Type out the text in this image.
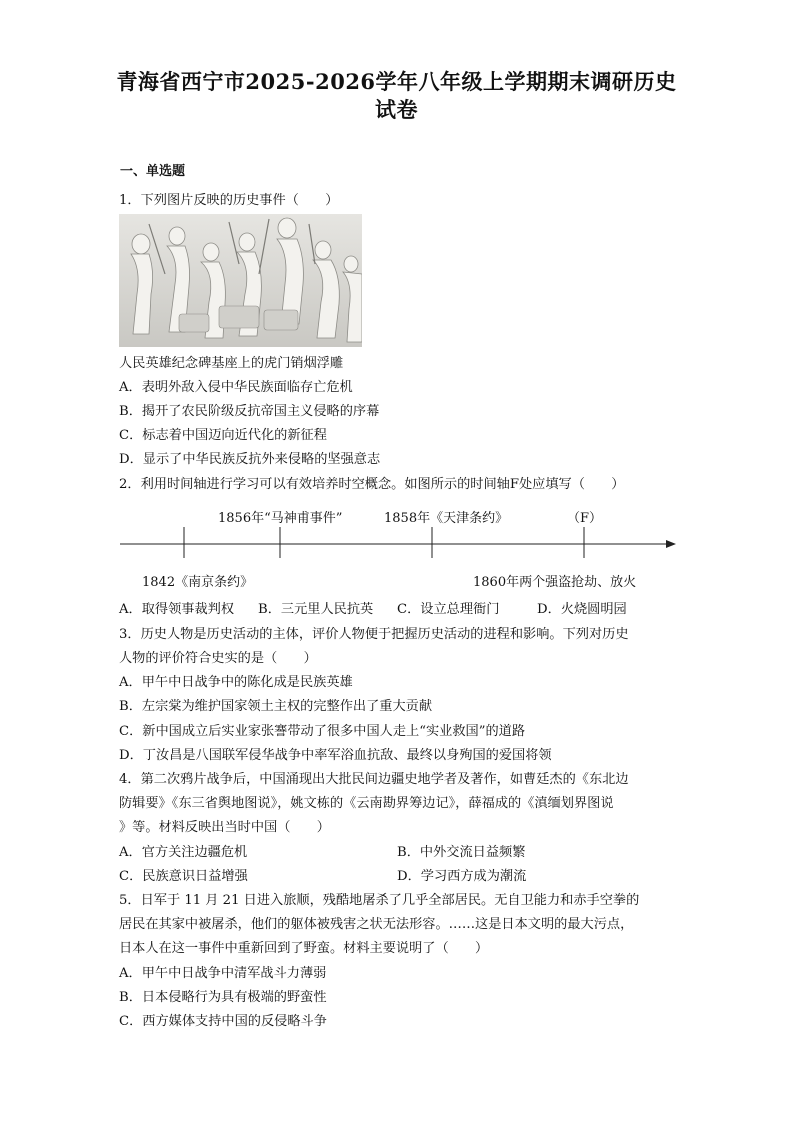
青海省西宁市2025-2026学年八年级上学期期末调研历史
试卷
一、单选题
1．下列图片反映的历史事件（　　）
人民英雄纪念碑基座上的虎门销烟浮雕
A．表明外敌入侵中华民族面临存亡危机
B．揭开了农民阶级反抗帝国主义侵略的序幕
C．标志着中国迈向近代化的新征程
D．显示了中华民族反抗外来侵略的坚强意志
2．利用时间轴进行学习可以有效培养时空概念。如图所示的时间轴F处应填写（　　）
1856年“马神甫事件”	1858年《天津条约》	（F）
1842《南京条约》	1860年两个强盗抢劫、放火
A．取得领事裁判权 B．三元里人民抗英 C．设立总理衙门	D．火烧圆明园
3．历史人物是历史活动的主体，评价人物便于把握历史活动的进程和影响。下列对历史
人物的评价符合史实的是（　　）
A．甲午中日战争中的陈化成是民族英雄
B．左宗棠为维护国家领土主权的完整作出了重大贡献
C．新中国成立后实业家张謇带动了很多中国人走上“实业救国”的道路
D．丁汝昌是八国联军侵华战争中率军浴血抗敌、最终以身殉国的爱国将领
4．第二次鸦片战争后，中国涌现出大批民间边疆史地学者及著作，如曹廷杰的《东北边
防辑要》《东三省舆地图说》，姚文栋的《云南勘界筹边记》，薛福成的《滇缅划界图说
》等。材料反映出当时中国（　　）
A．官方关注边疆危机	B．中外交流日益频繁
C．民族意识日益增强	D．学习西方成为潮流
5．日军于 11 月 21 日进入旅顺，残酷地屠杀了几乎全部居民。无自卫能力和赤手空拳的
居民在其家中被屠杀，他们的躯体被残害之状无法形容。……这是日本文明的最大污点，
日本人在这一事件中重新回到了野蛮。材料主要说明了（　　）
A．甲午中日战争中清军战斗力薄弱
B．日本侵略行为具有极端的野蛮性
C．西方媒体支持中国的反侵略斗争
